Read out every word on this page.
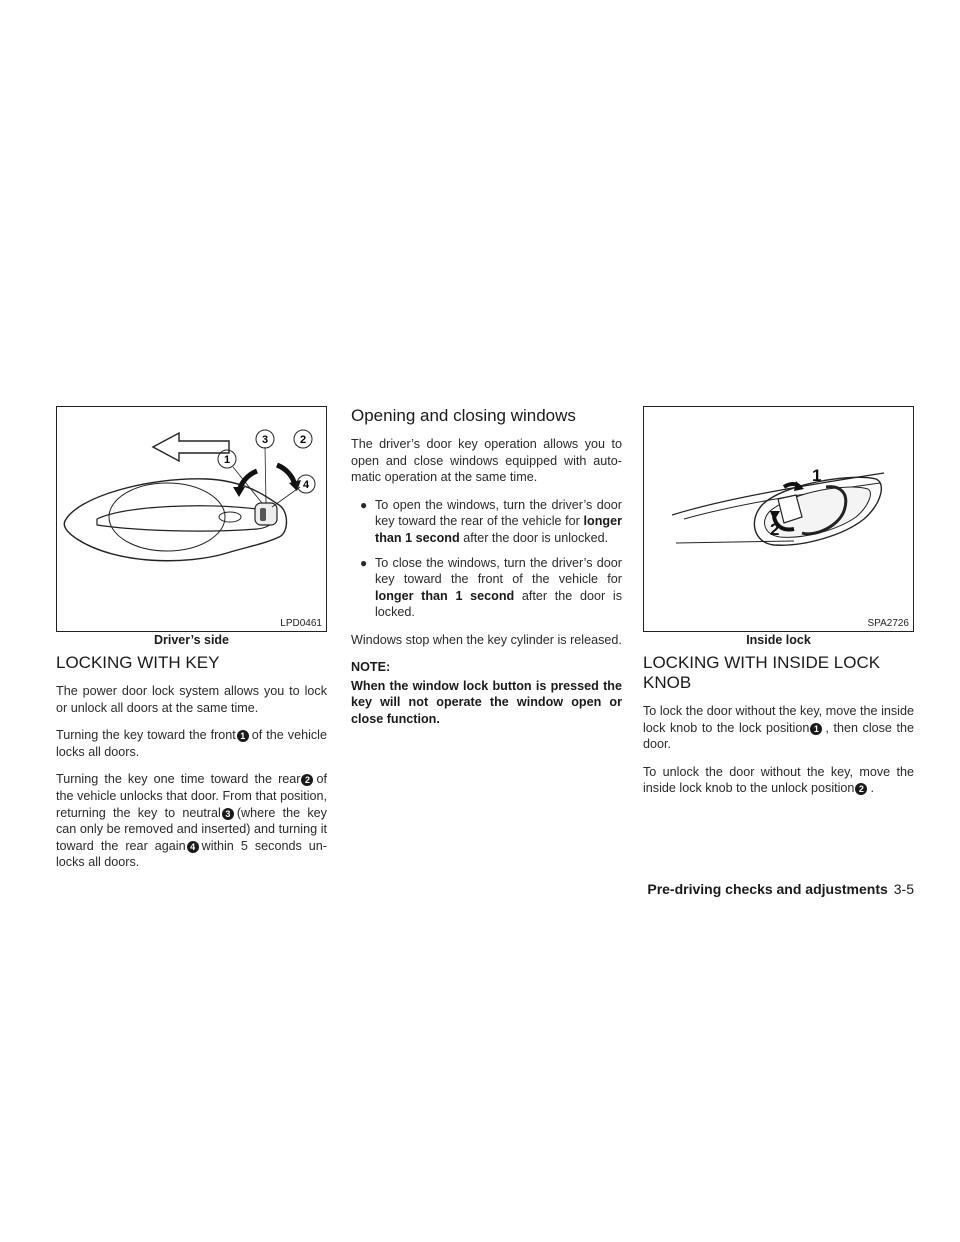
1
3	2
4
LPD0461
Driver’s side
LOCKING WITH KEY

The power door lock system allows you to lock or unlock all doors at the same time.

Turning the key toward the front 1 of the vehicle locks all doors.

Turning the key one time toward the rear 2 of the vehicle unlocks that door. From that position, returning the key to neutral 3 (where the key can only be removed and inserted) and turning it toward the rear again 4 within 5 seconds un- locks all doors.

Opening and closing windows

The driver’s door key operation allows you to open and close windows equipped with auto- matic operation at the same time.

● To open the windows, turn the driver’s door key toward the rear of the vehicle for longer than 1 second after the door is unlocked.
● To close the windows, turn the driver’s door key toward the front of the vehicle for longer than 1 second after the door is locked.

Windows stop when the key cylinder is released.

NOTE:

When the window lock button is pressed the key will not operate the window open or close function.

1
2
SPA2726
Inside lock
LOCKING WITH INSIDE LOCK KNOB

To lock the door without the key, move the inside lock knob to the lock position 1 , then close the door.

To unlock the door without the key, move the inside lock knob to the unlock position 2 .

Pre-driving checks and adjustments 3-5
